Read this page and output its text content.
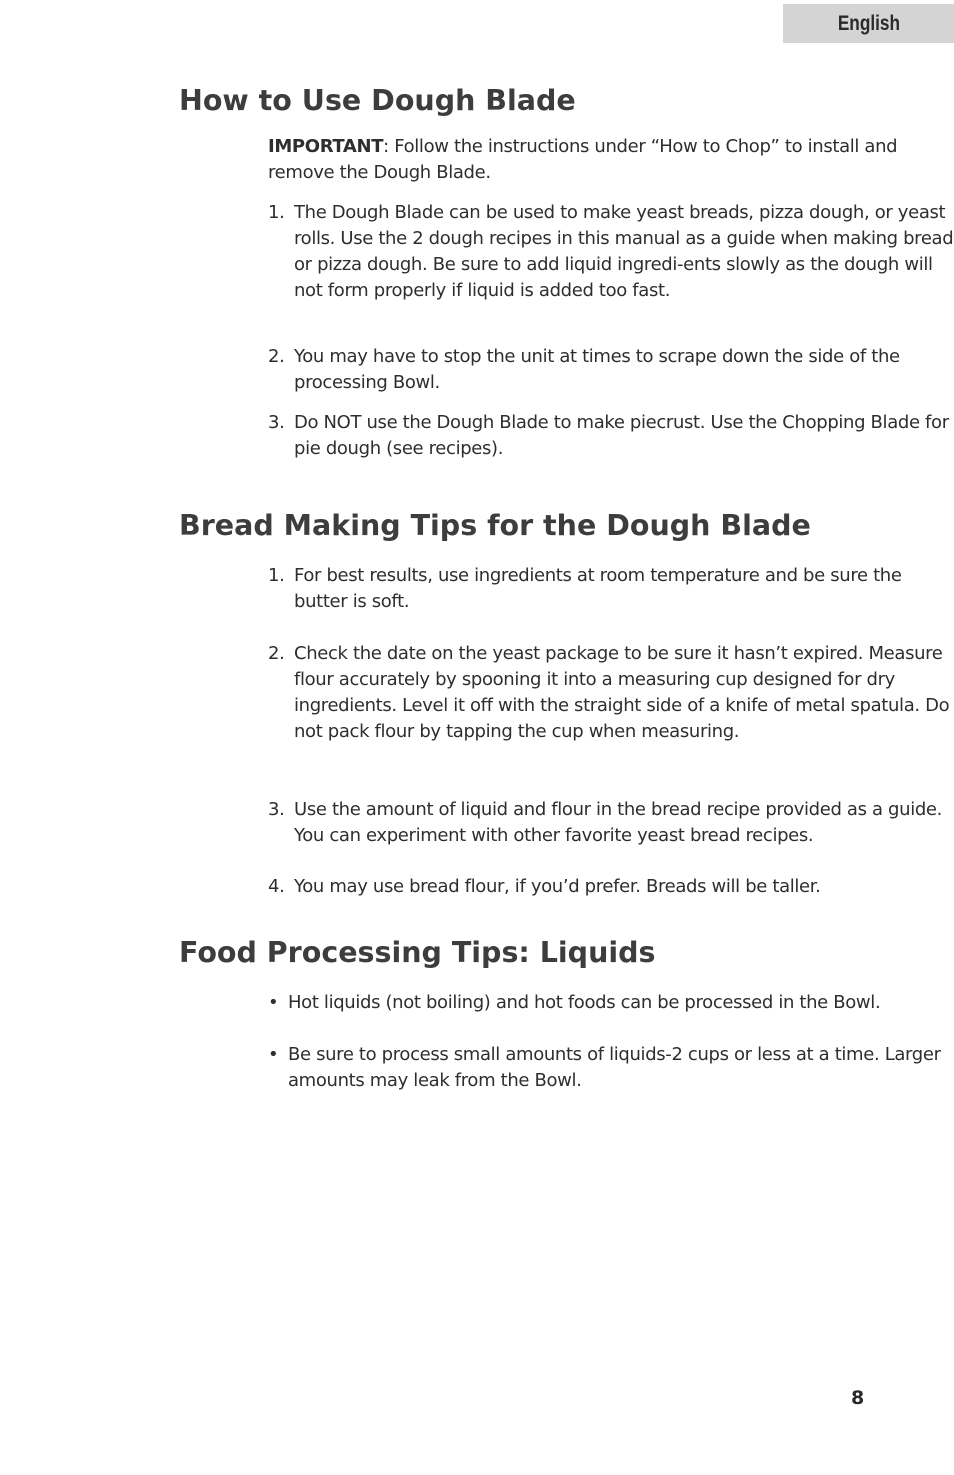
English
How to Use Dough Blade

IMPORTANT: Follow the instructions under “How to Chop” to install and remove the Dough Blade.

1. The Dough Blade can be used to make yeast breads, pizza dough, or yeast rolls. Use the 2 dough recipes in this manual as a guide when making bread or pizza dough. Be sure to add liquid ingredi-ents slowly as the dough will not form properly if liquid is added too fast.
2. You may have to stop the unit at times to scrape down the side of the processing Bowl.
3. Do NOT use the Dough Blade to make piecrust. Use the Chopping Blade for pie dough (see recipes).
Bread Making Tips for the Dough Blade
1. For best results, use ingredients at room temperature and be sure the butter is soft.
2. Check the date on the yeast package to be sure it hasn’t expired. Measure flour accurately by spooning it into a measuring cup designed for dry ingredients. Level it off with the straight side of a knife of metal spatula. Do not pack flour by tapping the cup when measuring.
3. Use the amount of liquid and flour in the bread recipe provided as a guide. You can experiment with other favorite yeast bread recipes.
4. You may use bread flour, if you’d prefer. Breads will be taller.
Food Processing Tips: Liquids
• Hot liquids (not boiling) and hot foods can be processed in the Bowl.
• Be sure to process small amounts of liquids-2 cups or less at a time. Larger amounts may leak from the Bowl.
8
